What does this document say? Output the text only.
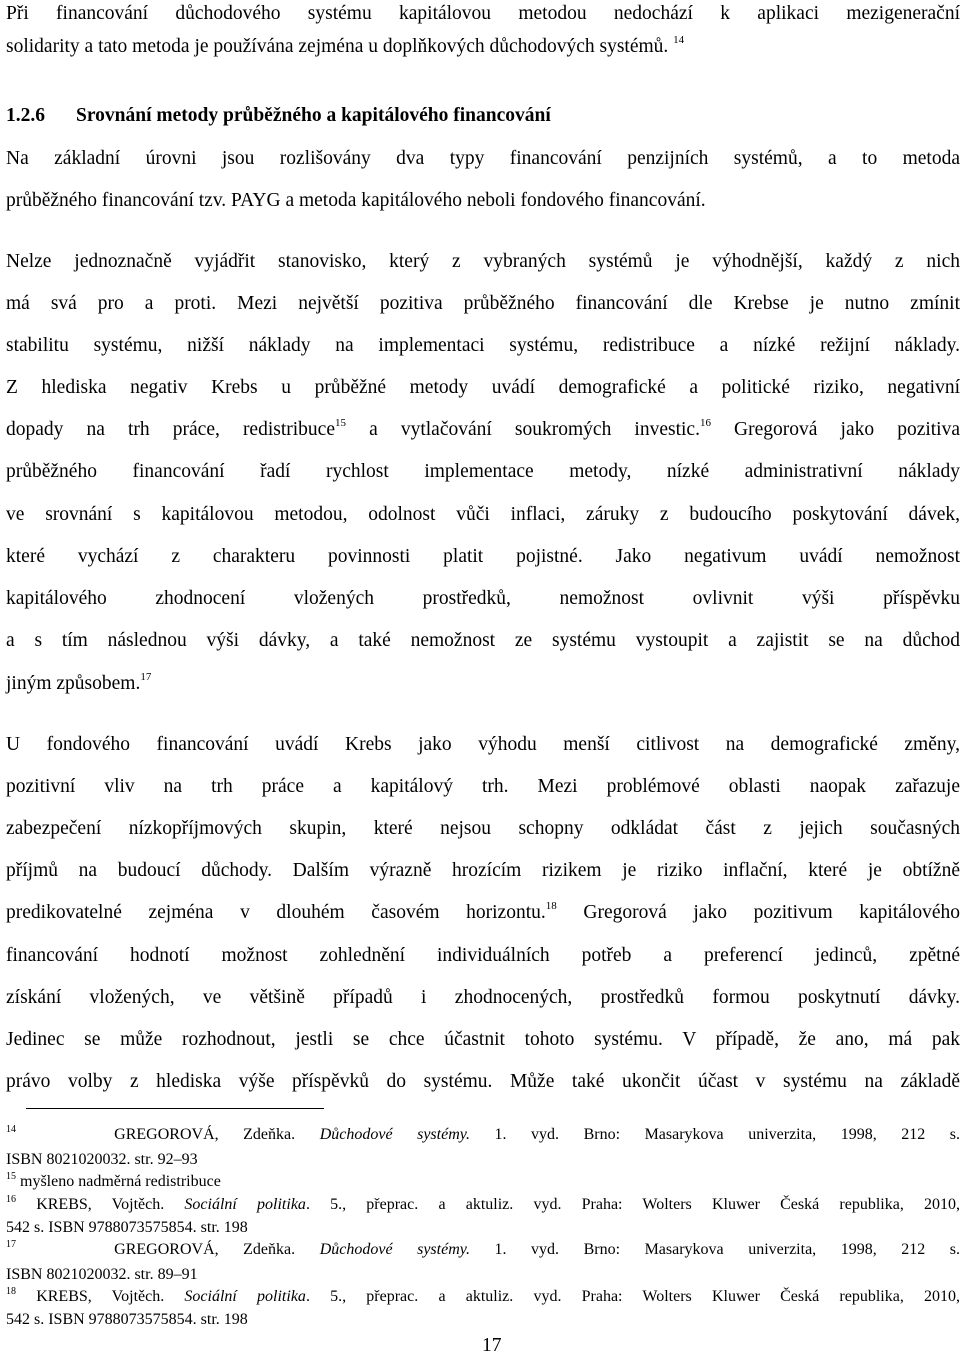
Při financování důchodového systému kapitálovou metodou nedochází k aplikaci mezigenerační
solidarity a tato metoda je používána zejména u doplňkových důchodových systémů. $^{14}$
1.2.6 Srovnání metody průběžného a kapitálového financování
Na základní úrovni jsou rozlišovány dva typy financování penzijních systémů, a to metoda
průběžného financování tzv. PAYG a metoda kapitálového neboli fondového financování.
Nelze jednoznačně vyjádřit stanovisko, který z vybraných systémů je výhodnější, každý z nich
má svá pro a proti. Mezi největší pozitiva průběžného financování dle Krebse je nutno zmínit
stabilitu systému, nižší náklady na implementaci systému, redistribuce a nízké režijní náklady.
Z hlediska negativ Krebs u průběžné metody uvádí demografické a politické riziko, negativní
dopady na trh práce, redistribuce$^{15}$ a vytlačování soukromých investic.$^{16}$ Gregorová jako pozitiva
průběžného financování řadí rychlost implementace metody, nízké administrativní náklady
ve srovnání s kapitálovou metodou, odolnost vůči inflaci, záruky z budoucího poskytování dávek,
které vychází z charakteru povinnosti platit pojistné. Jako negativum uvádí nemožnost
kapitálového zhodnocení vložených prostředků, nemožnost ovlivnit výši příspěvku
a s tím následnou výši dávky, a také nemožnost ze systému vystoupit a zajistit se na důchod
jiným způsobem.$^{17}$
U fondového financování uvádí Krebs jako výhodu menší citlivost na demografické změny,
pozitivní vliv na trh práce a kapitálový trh. Mezi problémové oblasti naopak zařazuje
zabezpečení nízkopříjmových skupin, které nejsou schopny odkládat část z jejich současných
příjmů na budoucí důchody. Dalším výrazně hrozícím rizikem je riziko inflační, které je obtížně
predikovatelné zejména v dlouhém časovém horizontu.$^{18}$ Gregorová jako pozitivum kapitálového
financování hodnotí možnost zohlednění individuálních potřeb a preferencí jedinců, zpětné
získání vložených, ve většině případů i zhodnocených, prostředků formou poskytnutí dávky.
Jedinec se může rozhodnout, jestli se chce účastnit tohoto systému. V případě, že ano, má pak
právo volby z hlediska výše příspěvků do systému. Může také ukončit účast v systému na základě
$^{14}$	GREGOROVÁ, Zdeňka. Důchodové systémy. 1. vyd. Brno: Masarykova univerzita, 1998, 212 s.
ISBN 8021020032. str. 92–93
$^{15}$ myšleno nadměrná redistribuce
$^{16}$ KREBS, Vojtěch. Sociální politika. 5., přeprac. a aktuliz. vyd. Praha: Wolters Kluwer Česká republika, 2010,
542 s. ISBN 9788073575854. str. 198
$^{17}$	GREGOROVÁ, Zdeňka. Důchodové systémy. 1. vyd. Brno: Masarykova univerzita, 1998, 212 s.
ISBN 8021020032. str. 89–91
$^{18}$ KREBS, Vojtěch. Sociální politika. 5., přeprac. a aktuliz. vyd. Praha: Wolters Kluwer Česká republika, 2010,
542 s. ISBN 9788073575854. str. 198
17
